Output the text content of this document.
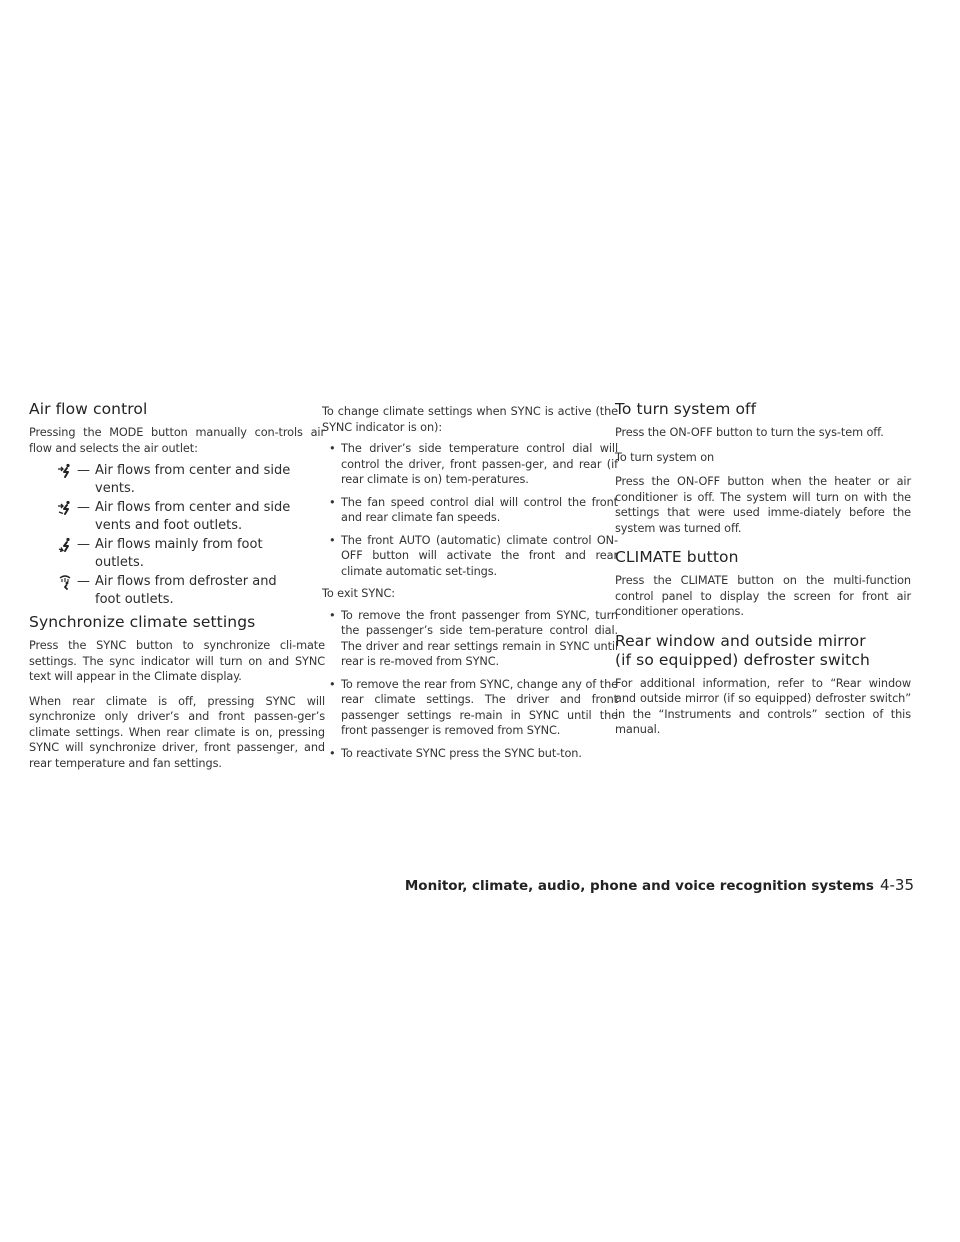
Air flow control

Pressing the MODE button manually con-trols air flow and selects the air outlet:

— Air flows from center and side
vents.
— Air flows from center and side
vents and foot outlets.
— Air flows mainly from foot
outlets.
— Air flows from defroster and
foot outlets.
Synchronize climate settings

Press the SYNC button to synchronize cli-mate settings. The sync indicator will turn on and SYNC text will appear in the Climate display.

When rear climate is off, pressing SYNC will synchronize only driver’s and front passen-ger’s climate settings. When rear climate is on, pressing SYNC will synchronize driver, front passenger, and rear temperature and fan settings.

To change climate settings when SYNC is active (the SYNC indicator is on):

• The driver’s side temperature control dial will control the driver, front passen-ger, and rear (if rear climate is on) tem-peratures.
• The fan speed control dial will control the front and rear climate fan speeds.
• The front AUTO (automatic) climate control ON-OFF button will activate the front and rear climate automatic set-tings.

To exit SYNC:

• To remove the front passenger from SYNC, turn the passenger’s side tem-perature control dial. The driver and rear settings remain in SYNC until rear is re-moved from SYNC.
• To remove the rear from SYNC, change any of the rear climate settings. The driver and front passenger settings re-main in SYNC until the front passenger is removed from SYNC.
• To reactivate SYNC press the SYNC but-ton.
To turn system off

Press the ON-OFF button to turn the sys-tem off.

To turn system on

Press the ON-OFF button when the heater or air conditioner is off. The system will turn on with the settings that were used imme-diately before the system was turned off.

CLIMATE button

Press the CLIMATE button on the multi-function control panel to display the screen for front air conditioner operations.

Rear window and outside mirror
(if so equipped) defroster switch

For additional information, refer to “Rear window and outside mirror (if so equipped) defroster switch” in the “Instruments and controls” section of this manual.

Monitor, climate, audio, phone and voice recognition systems 4-35
